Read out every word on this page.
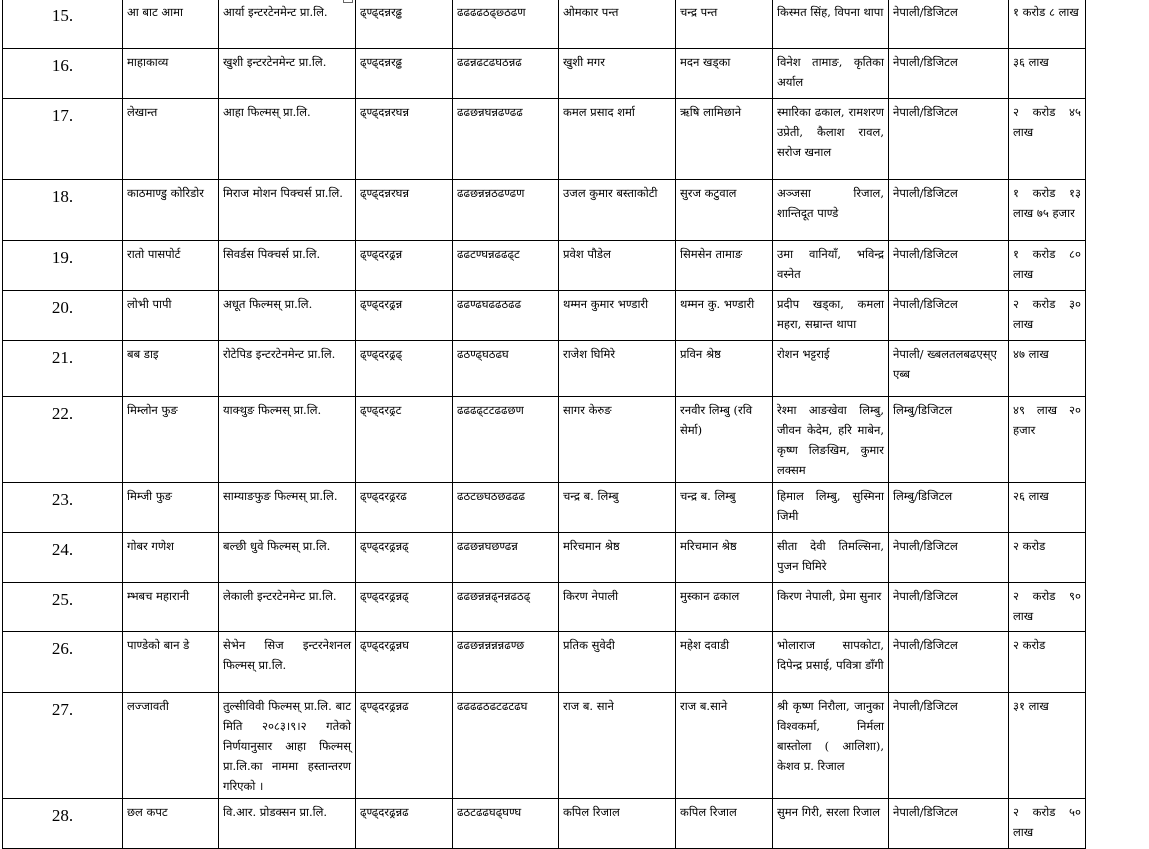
15.	आ बाट आमा	आर्या इन्टरटेनमेन्ट प्रा.लि.	ढ्ण्ढ्दन्नरढ्ढ	ढढढढठढ्छ्ठढण	ओमकार पन्त	चन्द्र पन्त	किस्मत सिंह, विपना थापा	नेपाली/डिजिटल	१ करोड ८ लाख
16.	माहाकाव्य	खुशी इन्टरटेनमेन्ट प्रा.लि.	ढ्ण्ढ्दन्नरढ्ढ	ढढन्नढटढघठन्नढ	खुशी मगर	मदन खड्का	विनेश तामाङ, कृतिका अर्याल	नेपाली/डिजिटल	३६ लाख
17.	लेखान्त	आहा फिल्मस् प्रा.लि.	ढ्ण्ढ्दन्नरघन्न	ढढछन्नघन्नढण्ढढ	कमल प्रसाद शर्मा	ऋषि लामिछाने	स्मारिका ढकाल, रामशरण उप्रेती, कैलाश रावल, सरोज खनाल	नेपाली/डिजिटल	२ करोड ४५ लाख
18.	काठमाण्डु कोरिडोर	मिराज मोशन पिक्चर्स प्रा.लि.	ढ्ण्ढ्दन्नरघन्न	ढढछन्नन्नठढण्ढण	उजल कुमार बस्ताकोटी	सुरज कटुवाल	अञ्जसा रिजाल, शान्तिदूत पाण्डे	नेपाली/डिजिटल	१ करोड १३ लाख ७५ हजार
19.	रातो पासपोर्ट	सिवर्डस पिक्चर्स प्रा.लि.	ढ्ण्ढ्दरढ्रन्न	ढढटण्घन्नढढढ्ट	प्रवेश पौडेल	सिमसेन तामाङ	उमा वानियाँ, भविन्द्र वस्नेत	नेपाली/डिजिटल	१ करोड ८० लाख
20.	लोभी पापी	अधूत फिल्मस् प्रा.लि.	ढ्ण्ढ्दरढ्रन्न	ढढण्ढघढढठढढ	थम्मन कुमार भण्डारी	थम्मन कु. भण्डारी	प्रदीप खड्का, कमला महरा, सम्रान्त थापा	नेपाली/डिजिटल	२ करोड ३० लाख
21.	बब डाइ	रोटेपिड इन्टरटेनमेन्ट प्रा.लि.	ढ्ण्ढ्दरढ्रढ्	ढठण्ढ्घठढघ	राजेश घिमिरे	प्रविन श्रेष्ठ	रोशन भट्टराई	नेपाली/ ख्बलतलबढएस्ए एब्ब	४७ लाख
22.	मिम्लोन फुङ	याक्थुङ फिल्मस् प्रा.लि.	ढ्ण्ढ्दरढ्रट	ढढढढ्टटढढछण	सागर केरुङ	रनवीर लिम्बु (रवि सेर्मा)	रेश्मा आङखेवा लिम्बु, जीवन केदेम, हरि माबेन, कृष्ण लिङखिम, कुमार लक्सम	लिम्बु/डिजिटल	४९ लाख २० हजार
23.	मिम्जी फुङ	साम्याङफुङ फिल्मस् प्रा.लि.	ढ्ण्ढ्दरढ्ररढ	ढठटछ्घठछढढढ	चन्द्र ब. लिम्बु	चन्द्र ब. लिम्बु	हिमाल लिम्बु, सुस्मिना जिमी	लिम्बु/डिजिटल	२६ लाख
24.	गोबर गणेश	बल्छी धुवे फिल्मस् प्रा.लि.	ढ्ण्ढ्दरढ्रन्नढ्	ढढछन्नघछण्ढन्न	मरिचमान श्रेष्ठ	मरिचमान श्रेष्ठ	सीता देवी तिमल्सिना, पुजन घिमिरे	नेपाली/डिजिटल	२ करोड
25.	म्भबच महारानी	लेकाली इन्टरटेनमेन्ट प्रा.लि.	ढ्ण्ढ्दरढ्रन्नढ्	ढढछन्नन्नढ्नन्नढठढ्	किरण नेपाली	मुस्कान ढकाल	किरण नेपाली, प्रेमा सुनार	नेपाली/डिजिटल	२ करोड ९० लाख
26.	पाण्डेको बान डे	सेभेन सिज इन्टरनेशनल फिल्मस् प्रा.लि.	ढ्ण्ढ्दरढ्रन्नघ	ढढछन्नन्नन्नन्नढण्छ	प्रतिक सुवेदी	महेश दवाडी	भोलाराज सापकोटा, दिपेन्द्र प्रसाई, पवित्रा डाँगी	नेपाली/डिजिटल	२ करोड
27.	लज्जावती	तुल्सीविवी फिल्मस् प्रा.लि. बाट मिति २०८३।९।२ गतेको निर्णयानुसार आहा फिल्मस् प्रा.लि.का नाममा हस्तान्तरण गरिएको ।	ढ्ण्ढ्दरढ्रन्नढ	ढढढढठढटढटढघ	राज ब. साने	राज ब.साने	श्री कृष्ण निरौला, जानुका विश्वकर्मा, निर्मला बास्तोला ( आलिशा), केशव प्र. रिजाल	नेपाली/डिजिटल	३१ लाख
28.	छल कपट	वि.आर. प्रोडक्सन प्रा.लि.	ढ्ण्ढ्दरढ्रन्नढ	ढठटढढघढ्घण्घ	कपिल रिजाल	कपिल रिजाल	सुमन गिरी, सरला रिजाल	नेपाली/डिजिटल	२ करोड ५० लाख
